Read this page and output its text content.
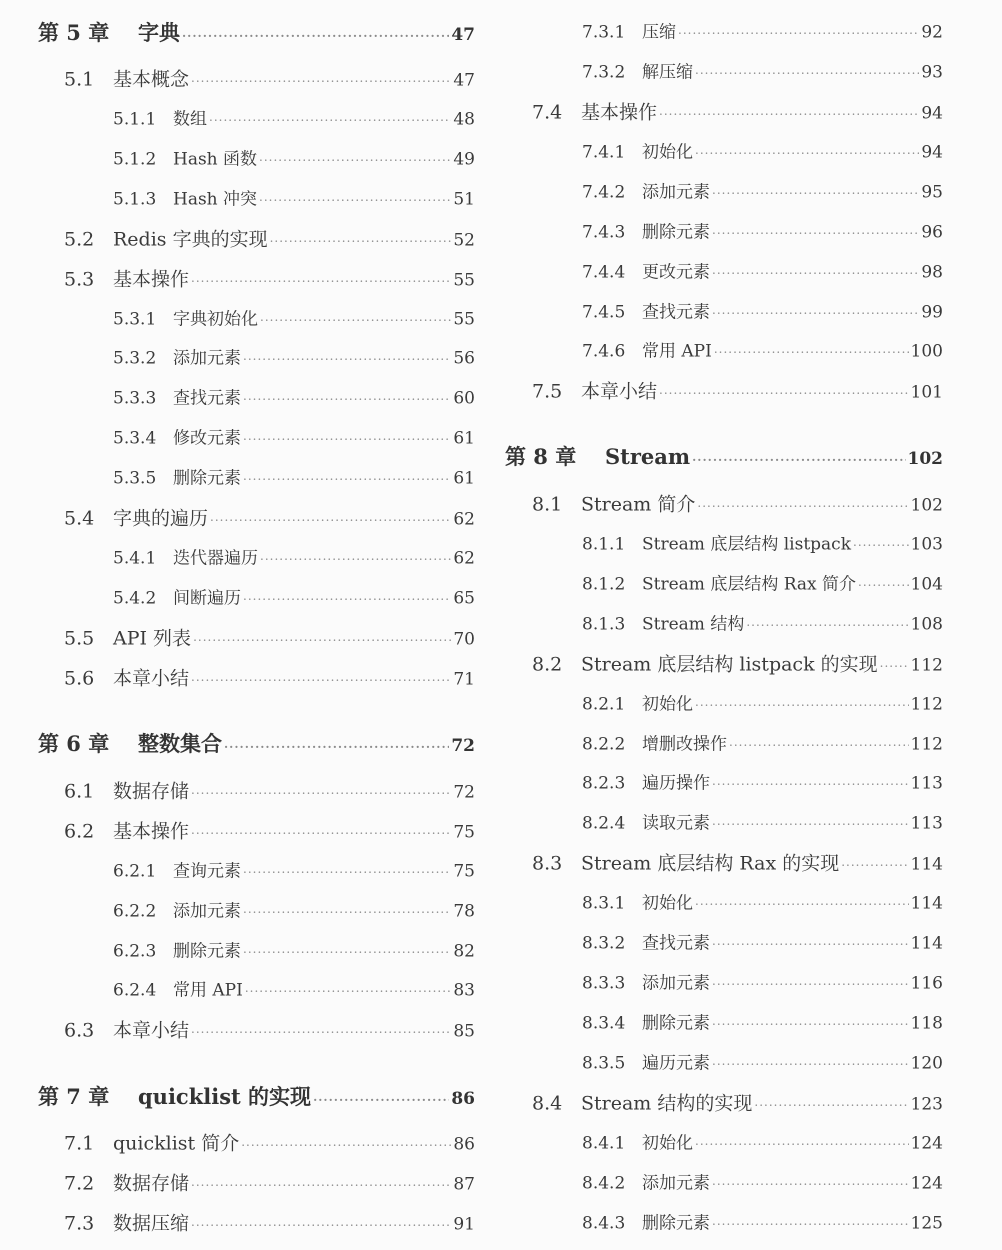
第 5 章	字典 ·····	47
5.1 基本概念 ·····	47
5.1.1 数组 ·····	48
5.1.2 Hash 函数 ·····	49
5.1.3 Hash 冲突 ·····	51
5.2 Redis 字典的实现 ·····	52
5.3 基本操作 ·····	55
5.3.1 字典初始化 ·····	55
5.3.2 添加元素 ·····	56
5.3.3 查找元素 ·····	60
5.3.4 修改元素 ·····	61
5.3.5 删除元素 ·····	61
5.4 字典的遍历 ·····	62
5.4.1 迭代器遍历 ·····	62
5.4.2 间断遍历 ·····	65
5.5 API 列表 ·····	70
5.6 本章小结 ·····	71
第 6 章	整数集合 ·····	72
6.1 数据存储 ·····	72
6.2 基本操作 ·····	75
6.2.1 查询元素 ·····	75
6.2.2 添加元素 ·····	78
6.2.3 删除元素 ·····	82
6.2.4 常用 API ·····	83
6.3 本章小结 ·····	85
第 7 章	quicklist 的实现 ·····	86
7.1 quicklist 简介 ·····	86
7.2 数据存储 ·····	87
7.3 数据压缩 ·····	91
7.3.1 压缩 ·····	92
7.3.2 解压缩 ·····	93
7.4 基本操作 ·····	94
7.4.1 初始化 ·····	94
7.4.2 添加元素 ·····	95
7.4.3 删除元素 ·····	96
7.4.4 更改元素 ·····	98
7.4.5 查找元素 ·····	99
7.4.6 常用 API ·····	100
7.5 本章小结 ·····	101
第 8 章	Stream ·····	102
8.1 Stream 简介 ·····	102
8.1.1 Stream 底层结构 listpack ·····	103
8.1.2 Stream 底层结构 Rax 简介 ·····	104
8.1.3 Stream 结构 ·····	108
8.2 Stream 底层结构 listpack 的实现 ····· 112
8.2.1 初始化 ·····	112
8.2.2 增删改操作 ·····	112
8.2.3 遍历操作 ·····	113
8.2.4 读取元素 ·····	113
8.3 Stream 底层结构 Rax 的实现 ·····	114
8.3.1 初始化 ·····	114
8.3.2 查找元素 ·····	114
8.3.3 添加元素 ·····	116
8.3.4 删除元素 ·····	118
8.3.5 遍历元素 ·····	120
8.4 Stream 结构的实现 ·····	123
8.4.1 初始化 ·····	124
8.4.2 添加元素 ·····	124
8.4.3 删除元素 ·····	125
